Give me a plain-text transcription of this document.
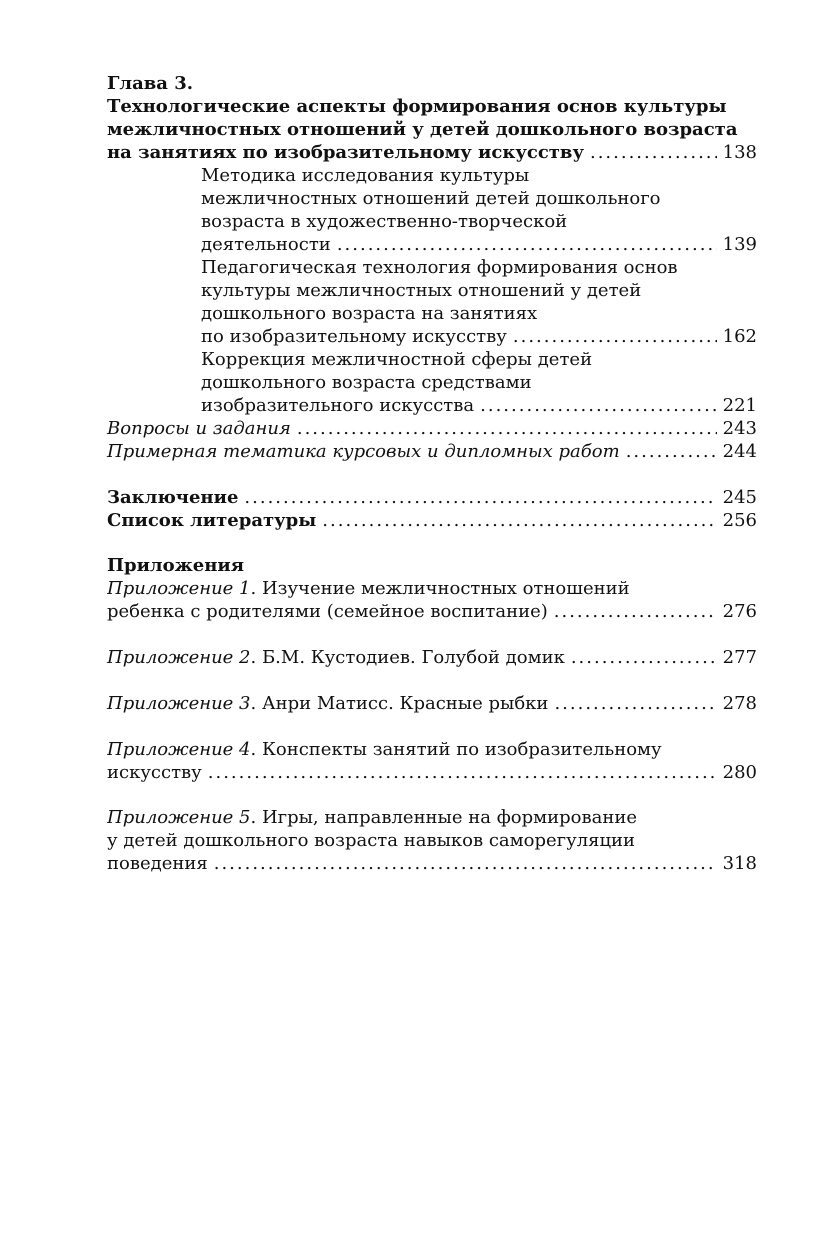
Глава 3.
Технологические аспекты формирования основ культуры
межличностных отношений у детей дошкольного возраста
на занятиях по изобразительному искусству .....	138
Методика исследования культуры
межличностных отношений детей дошкольного
возраста в художественно-творческой
деятельности .....	139
Педагогическая технология формирования основ
культуры межличностных отношений у детей
дошкольного возраста на занятиях
по изобразительному искусству .....	162
Коррекция межличностной сферы детей
дошкольного возраста средствами
изобразительного искусства .....	221
Вопросы и задания .....	243
Примерная тематика курсовых и дипломных работ .....	244
Заключение .....	245
Список литературы .....	256
Приложения
Приложение 1. Изучение межличностных отношений
ребенка с родителями (семейное воспитание) .....	276
Приложение 2. Б.М. Кустодиев. Голубой домик .....	277
Приложение 3. Анри Матисс. Красные рыбки .....	278
Приложение 4. Конспекты занятий по изобразительному
искусству .....	280
Приложение 5. Игры, направленные на формирование
у детей дошкольного возраста навыков саморегуляции
поведения .....	318
